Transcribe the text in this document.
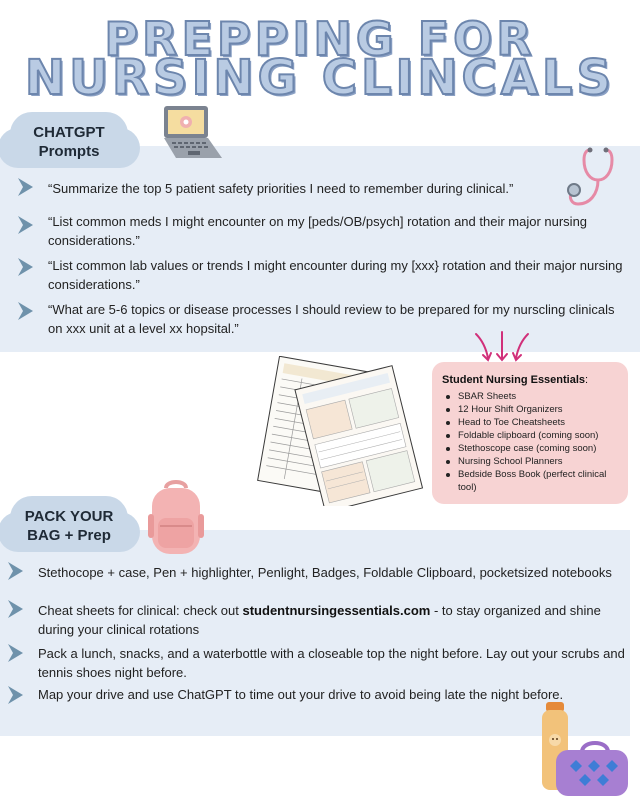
PREPPING FOR
NURSING CLINCALS
CHATGPT
Prompts
“Summarize the top 5 patient safety priorities I need to remember during clinical.”
“List common meds I might encounter on my [peds/OB/psych] rotation and their major nursing considerations.”
“List common lab values or trends I might encounter during my [xxx} rotation and their major nursing considerations.”
“What are 5-6 topics or disease processes I should review to be prepared for my nurscling clinicals on xxx unit at a level xx hopsital.”
Student Nursing Essentials:
SBAR Sheets
12 Hour Shift Organizers
Head to Toe Cheatsheets
Foldable clipboard (coming soon)
Stethoscope case (coming soon)
Nursing School Planners
Bedside Boss Book (perfect clinical tool)
PACK YOUR
BAG + Prep
Stethocope + case, Pen + highlighter, Penlight, Badges, Foldable Clipboard, pocketsized notebooks
Cheat sheets for clinical: check out studentnursingessentials.com - to stay organized and shine during your clinical rotations
Pack a lunch, snacks, and a waterbottle with a closeable top the night before. Lay out your scrubs and tennis shoes night before.
Map your drive and use ChatGPT to time out your drive to avoid being late the night before.
